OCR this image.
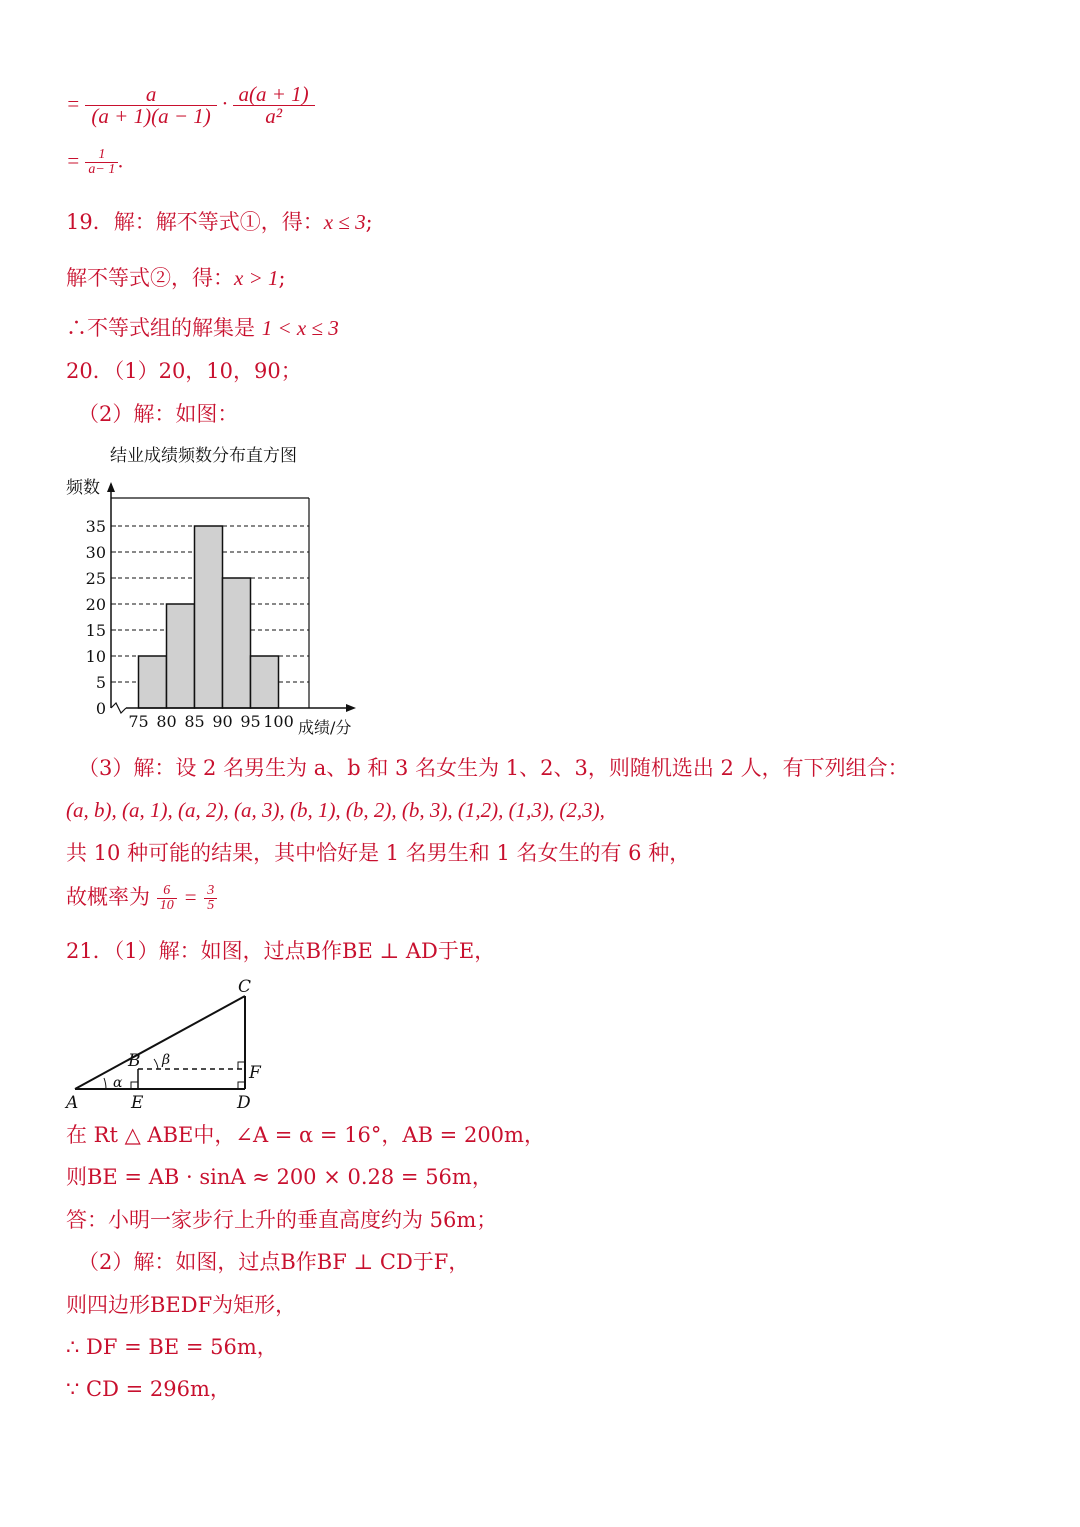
= $\frac{a}{(a + 1)(a - 1)} \cdot \frac{a(a + 1)}{\text{a²}}$
= $\frac{1}{a- 1}$ .
19．解：解不等式①，得：x ≤ 3;
解不等式②，得：x > 1;
∴不等式组的解集是 1 < x ≤ 3
20．（1）20，10，90；
（2）解：如图：
结业成绩频数分布直方图
频数
成绩/分
0
5
10
15
20
25
30
35
75 80 85 90 95 100
（3）解：设 2 名男生为 a、b 和 3 名女生为 1、2、3，则随机选出 2 人，有下列组合：
(a, b), (a, 1), (a, 2), (a, 3), (b, 1), (b, 2), (b, 3), (1,2), (1,3), (2,3),
共 10 种可能的结果，其中恰好是 1 名男生和 1 名女生的有 6 种，
故概率为 $\frac{6}{10} = \frac{3}{5}$
21．（1）解：如图，过点B作BE ⊥ AD于E，
A	E	D
B
C
F
α
β
在 Rt △ ABE中，∠A = α = 16°，AB = 200m，
则BE = AB · sinA ≈ 200 × 0.28 = 56m，
答：小明一家步行上升的垂直高度约为 56m；
（2）解：如图，过点B作BF ⊥ CD于F，
则四边形BEDF为矩形，
∴ DF = BE = 56m，
∵ CD = 296m，
